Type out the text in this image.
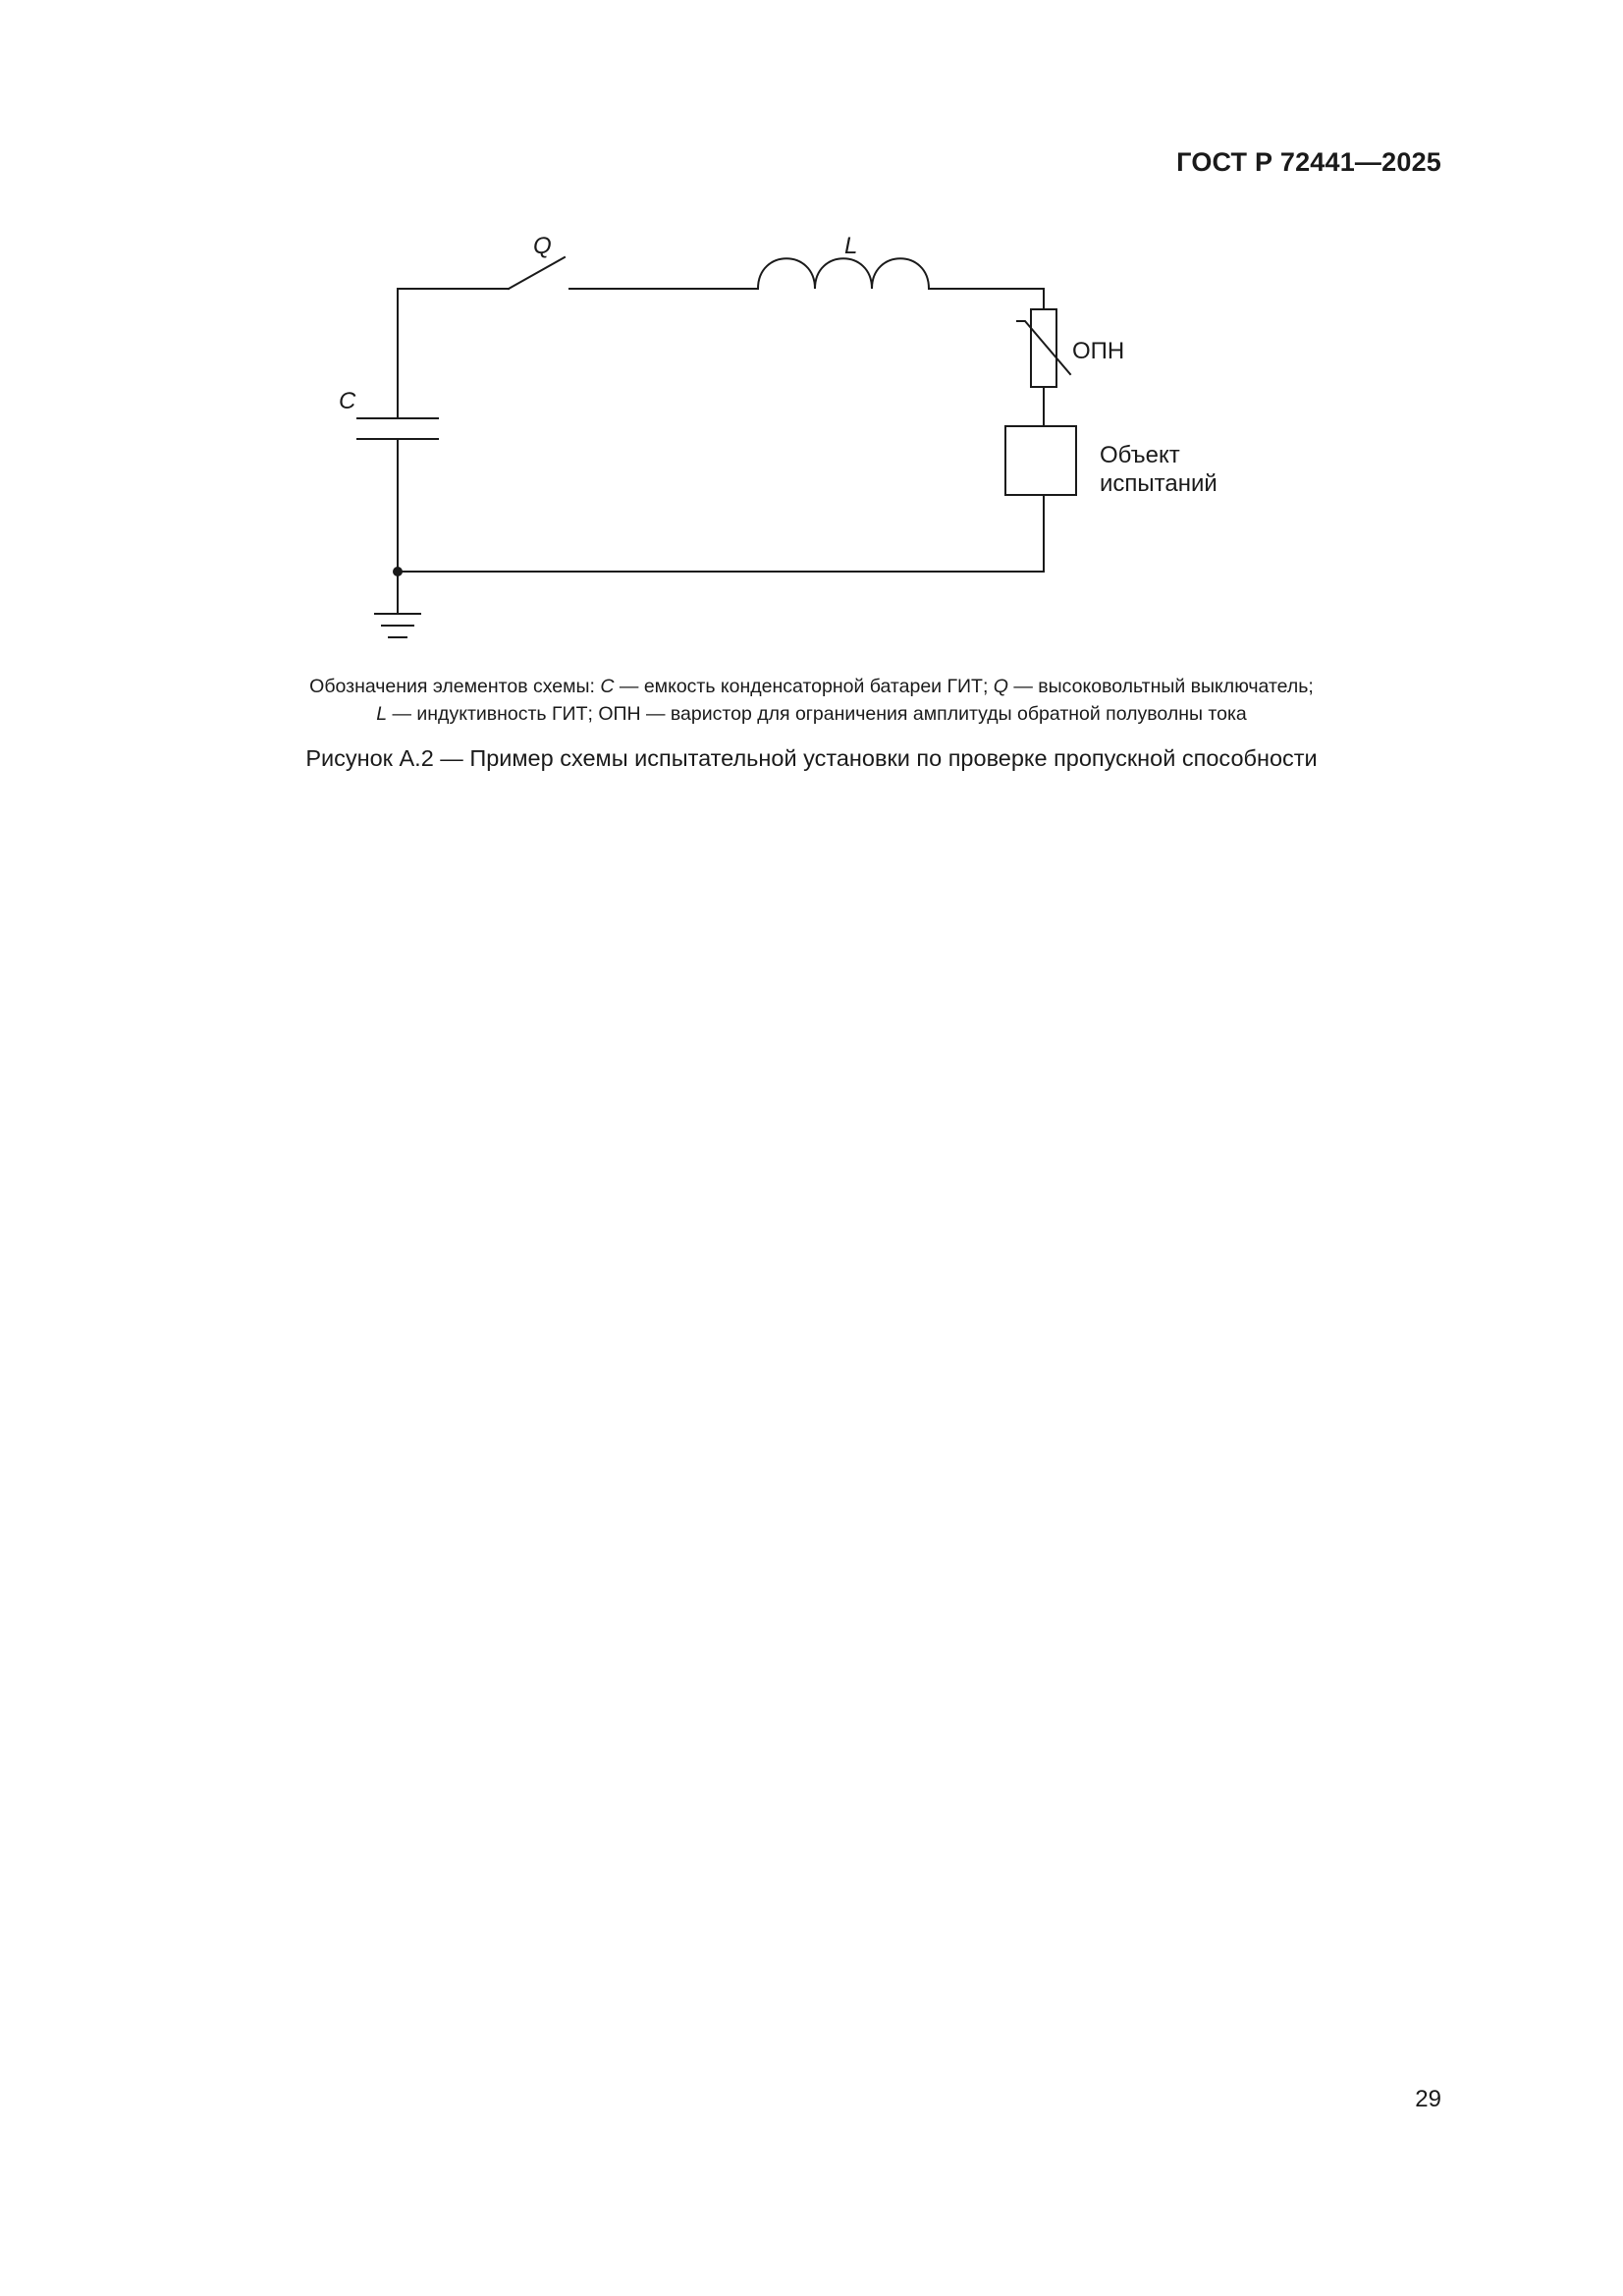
ГОСТ Р 72441—2025
Q	L
C
ОПН
Объект
испытаний
Обозначения элементов схемы: C — емкость конденсаторной батареи ГИТ; Q — высоковольтный выключатель;
L — индуктивность ГИТ; ОПН — варистор для ограничения амплитуды обратной полуволны тока
Рисунок А.2 — Пример схемы испытательной установки по проверке пропускной способности
29
